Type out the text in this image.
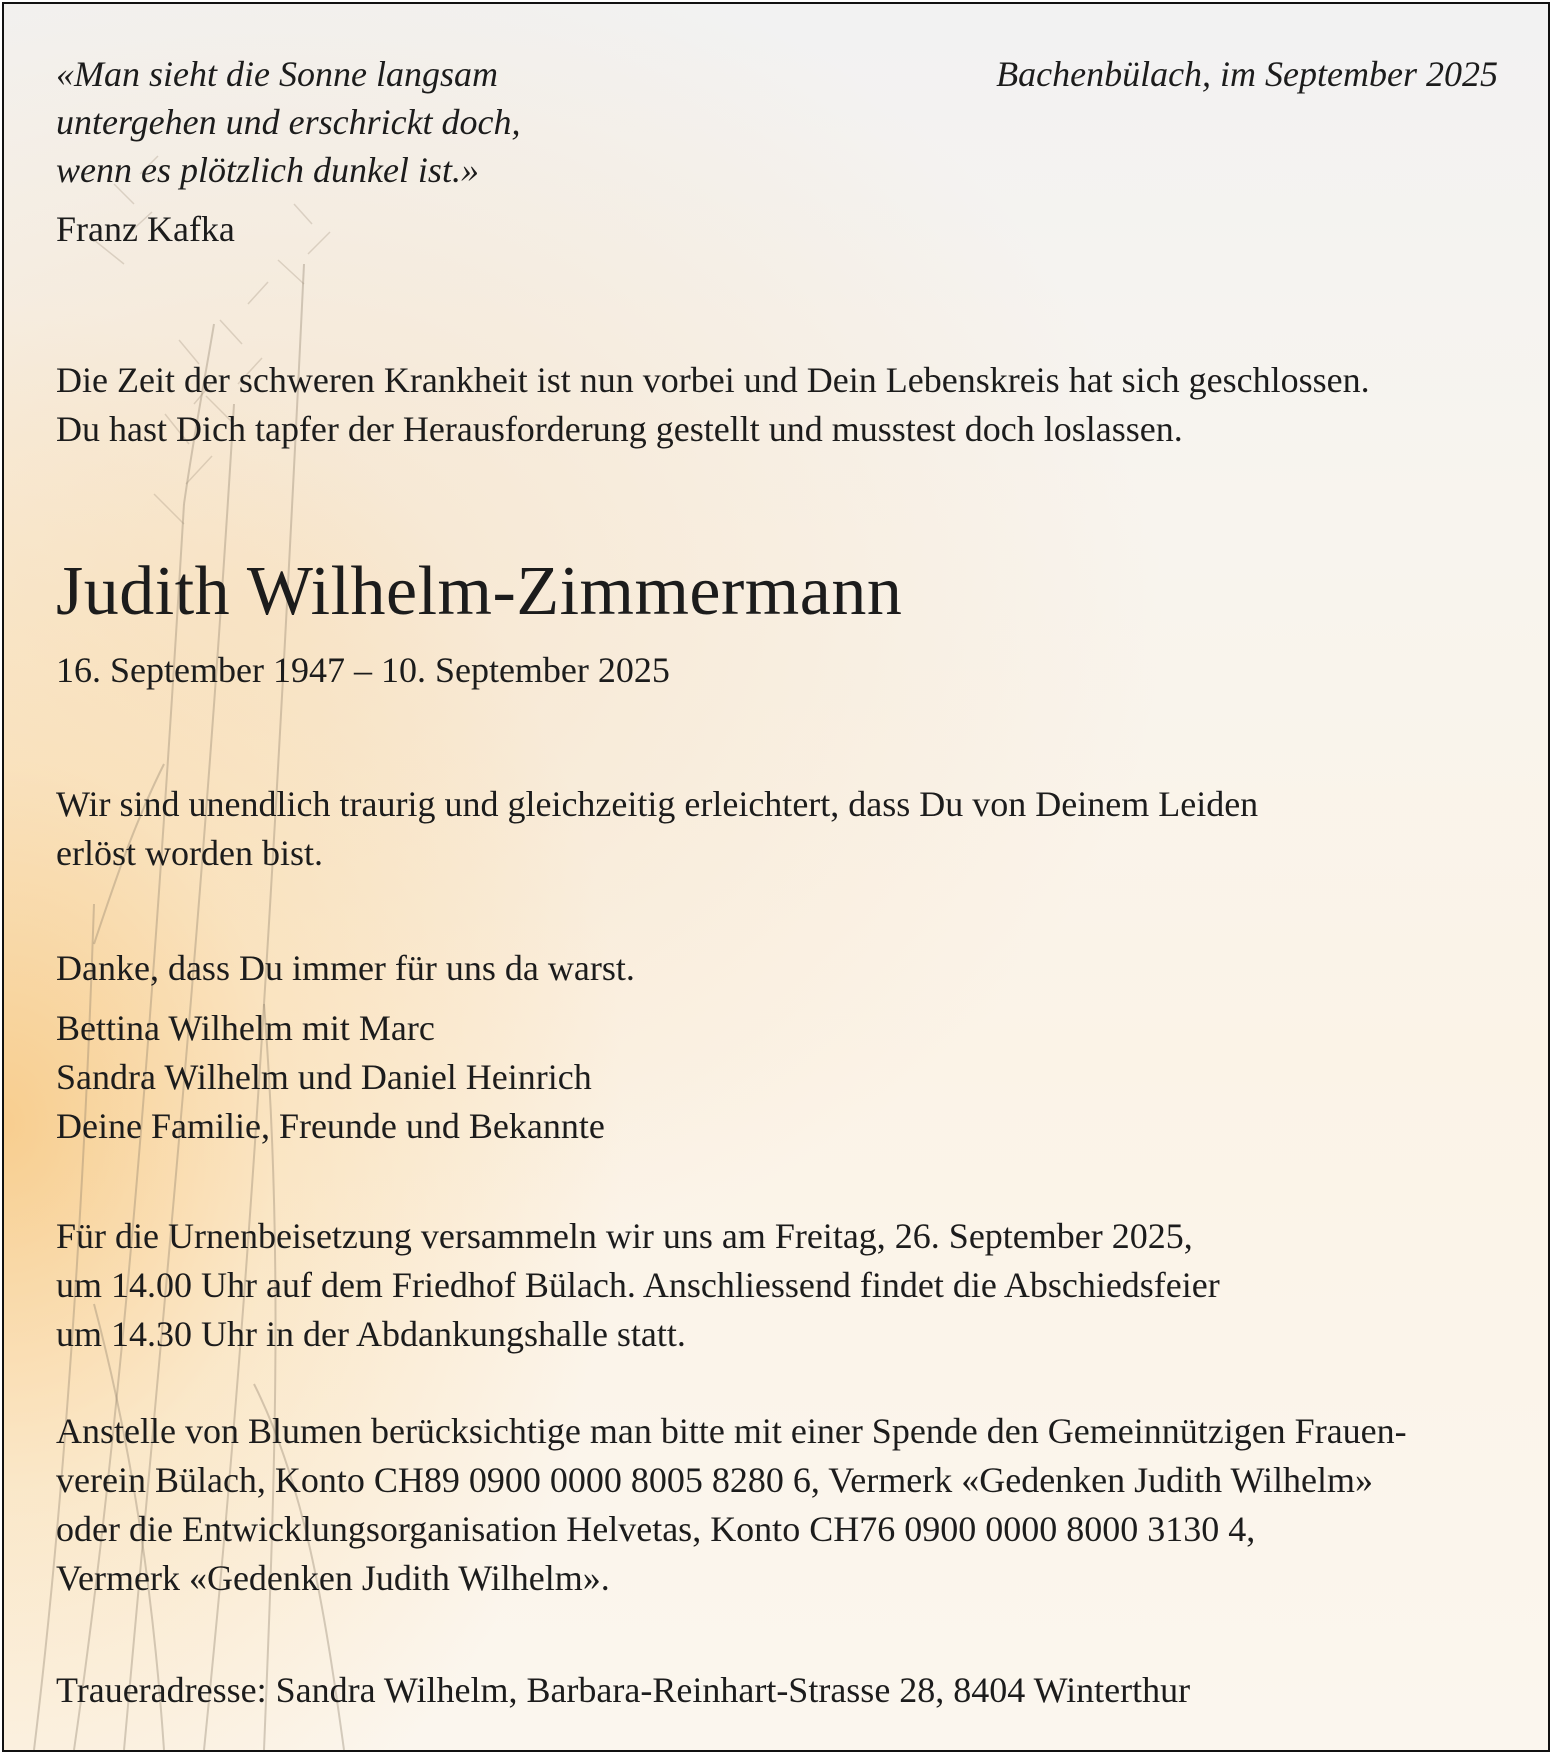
«Man sieht die Sonne langsam
untergehen und erschrickt doch,
wenn es plötzlich dunkel ist.»
Franz Kafka
Bachenbülach, im September 2025
Die Zeit der schweren Krankheit ist nun vorbei und Dein Lebenskreis hat sich geschlossen.
Du hast Dich tapfer der Herausforderung gestellt und musstest doch loslassen.
Judith Wilhelm-Zimmermann
16. September 1947 – 10. September 2025
Wir sind unendlich traurig und gleichzeitig erleichtert, dass Du von Deinem Leiden
erlöst worden bist.
Danke, dass Du immer für uns da warst.
Bettina Wilhelm mit Marc
Sandra Wilhelm und Daniel Heinrich
Deine Familie, Freunde und Bekannte
Für die Urnenbeisetzung versammeln wir uns am Freitag, 26. September 2025,
um 14.00 Uhr auf dem Friedhof Bülach. Anschliessend findet die Abschiedsfeier
um 14.30 Uhr in der Abdankungshalle statt.
Anstelle von Blumen berücksichtige man bitte mit einer Spende den Gemeinnützigen Frauen-
verein Bülach, Konto CH89 0900 0000 8005 8280 6, Vermerk «Gedenken Judith Wilhelm»
oder die Entwicklungsorganisation Helvetas, Konto CH76 0900 0000 8000 3130 4,
Vermerk «Gedenken Judith Wilhelm».
Traueradresse: Sandra Wilhelm, Barbara-Reinhart-Strasse 28, 8404 Winterthur
